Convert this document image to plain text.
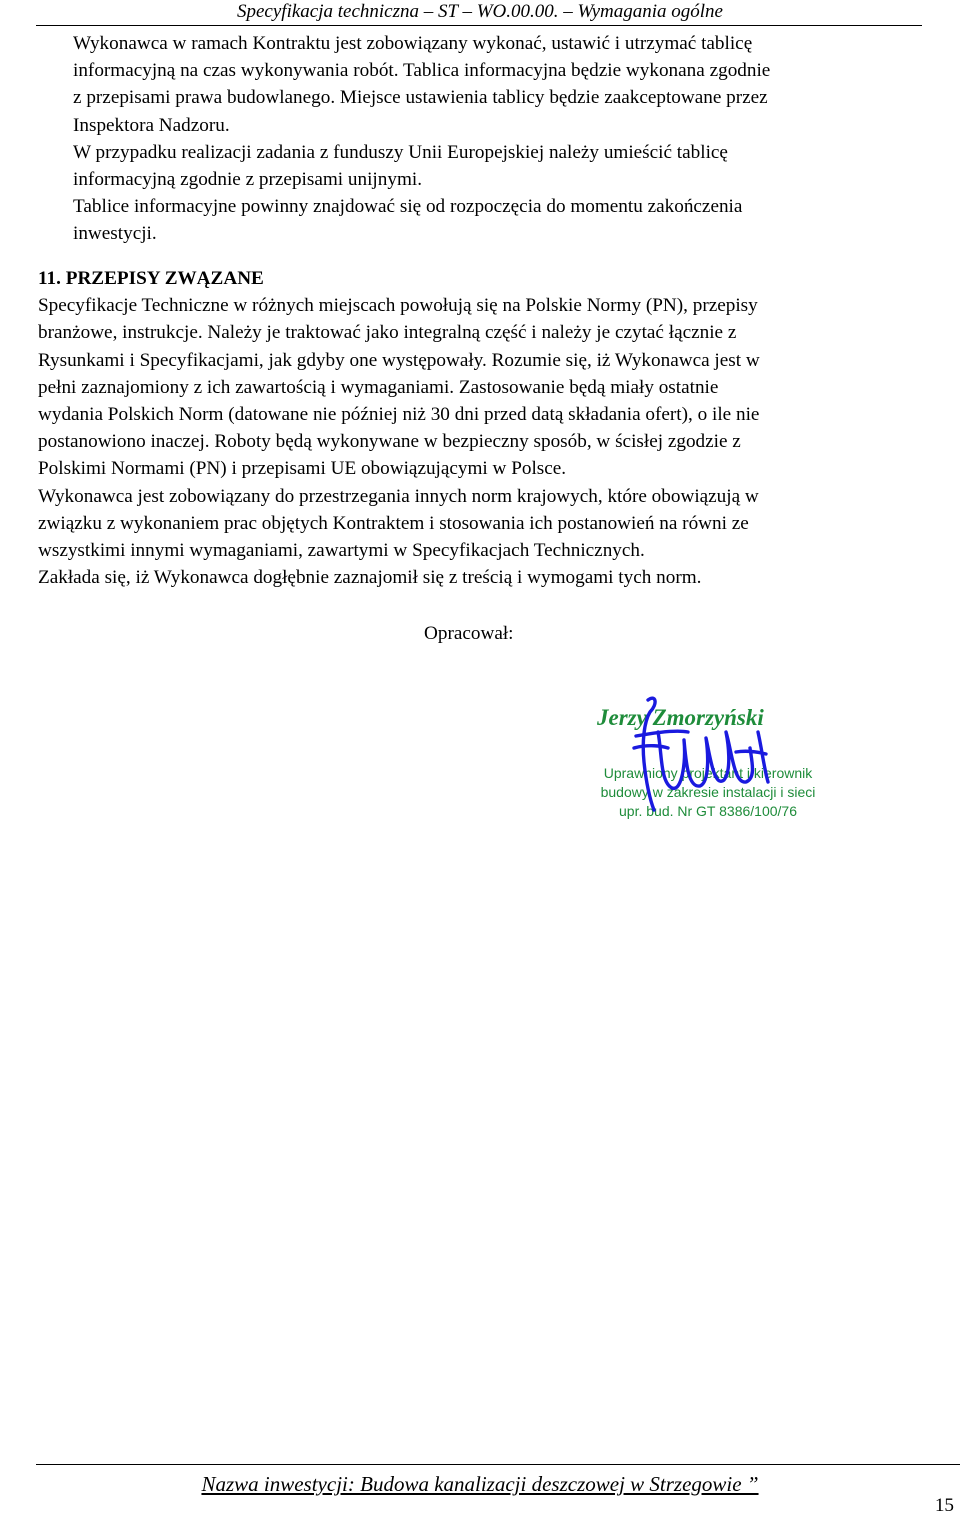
Specyfikacja techniczna – ST – WO.00.00. – Wymagania ogólne

Wykonawca w ramach Kontraktu jest zobowiązany wykonać, ustawić i utrzymać tablicę

informacyjną na czas wykonywania robót. Tablica informacyjna będzie wykonana zgodnie

z przepisami prawa budowlanego. Miejsce ustawienia tablicy będzie zaakceptowane przez

Inspektora Nadzoru.

W przypadku realizacji zadania z funduszy Unii Europejskiej należy umieścić tablicę

informacyjną zgodnie z przepisami unijnymi.

Tablice informacyjne powinny znajdować się od rozpoczęcia do momentu zakończenia

inwestycji.

11. PRZEPISY ZWĄZANE

Specyfikacje Techniczne w różnych miejscach powołują się na Polskie Normy (PN), przepisy

branżowe, instrukcje. Należy je traktować jako integralną część i należy je czytać łącznie z

Rysunkami i Specyfikacjami, jak gdyby one występowały. Rozumie się, iż Wykonawca jest w

pełni zaznajomiony z ich zawartością i wymaganiami. Zastosowanie będą miały ostatnie

wydania Polskich Norm (datowane nie później niż 30 dni przed datą składania ofert), o ile nie

postanowiono inaczej. Roboty będą wykonywane w bezpieczny sposób, w ścisłej zgodzie z

Polskimi Normami (PN) i przepisami UE obowiązującymi w Polsce.

Wykonawca jest zobowiązany do przestrzegania innych norm krajowych, które obowiązują w

związku z wykonaniem prac objętych Kontraktem i stosowania ich postanowień na równi ze

wszystkimi innymi wymaganiami, zawartymi w Specyfikacjach Technicznych.

Zakłada się, iż Wykonawca dogłębnie zaznajomił się z treścią i wymogami tych norm.

Opracował:
Jerzy Zmorzyński
Uprawniony projektant i kierownik
budowy w zakresie instalacji i sieci
upr. bud. Nr GT 8386/100/76
Nazwa inwestycji: Budowa kanalizacji deszczowej w Strzegowie ”
15
